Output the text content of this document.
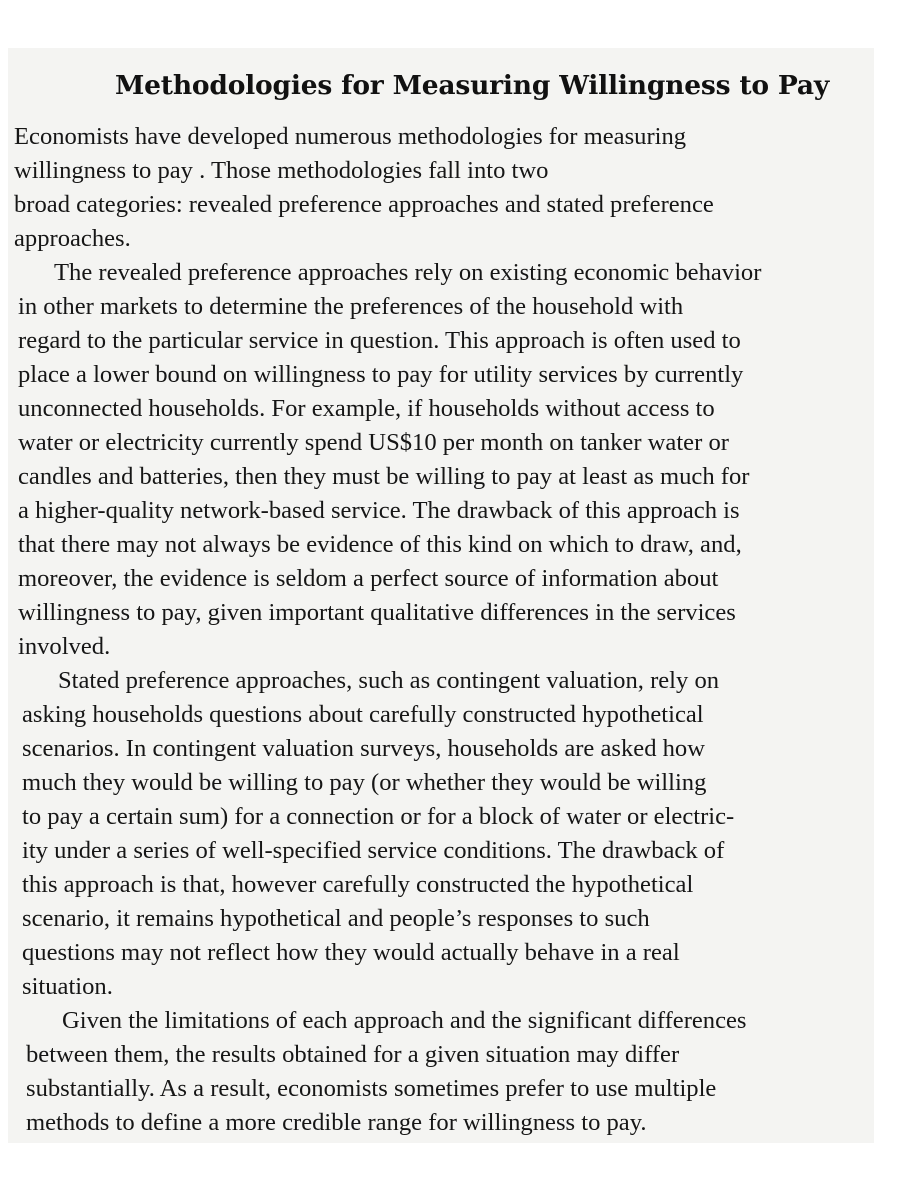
Methodologies for Measuring Willingness to Pay
Economists have developed numerous methodologies for measuring
willingness to pay . Those methodologies fall into two
broad categories: revealed preference approaches and stated preference
approaches.
The revealed preference approaches rely on existing economic behavior
in other markets to determine the preferences of the household with
regard to the particular service in question. This approach is often used to
place a lower bound on willingness to pay for utility services by currently
unconnected households. For example, if households without access to
water or electricity currently spend US$10 per month on tanker water or
candles and batteries, then they must be willing to pay at least as much for
a higher-quality network-based service. The drawback of this approach is
that there may not always be evidence of this kind on which to draw, and,
moreover, the evidence is seldom a perfect source of information about
willingness to pay, given important qualitative differences in the services
involved.
Stated preference approaches, such as contingent valuation, rely on
asking households questions about carefully constructed hypothetical
scenarios. In contingent valuation surveys, households are asked how
much they would be willing to pay (or whether they would be willing
to pay a certain sum) for a connection or for a block of water or electric-
ity under a series of well-specified service conditions. The drawback of
this approach is that, however carefully constructed the hypothetical
scenario, it remains hypothetical and people’s responses to such
questions may not reflect how they would actually behave in a real
situation.
Given the limitations of each approach and the significant differences
between them, the results obtained for a given situation may differ
substantially. As a result, economists sometimes prefer to use multiple
methods to define a more credible range for willingness to pay.
